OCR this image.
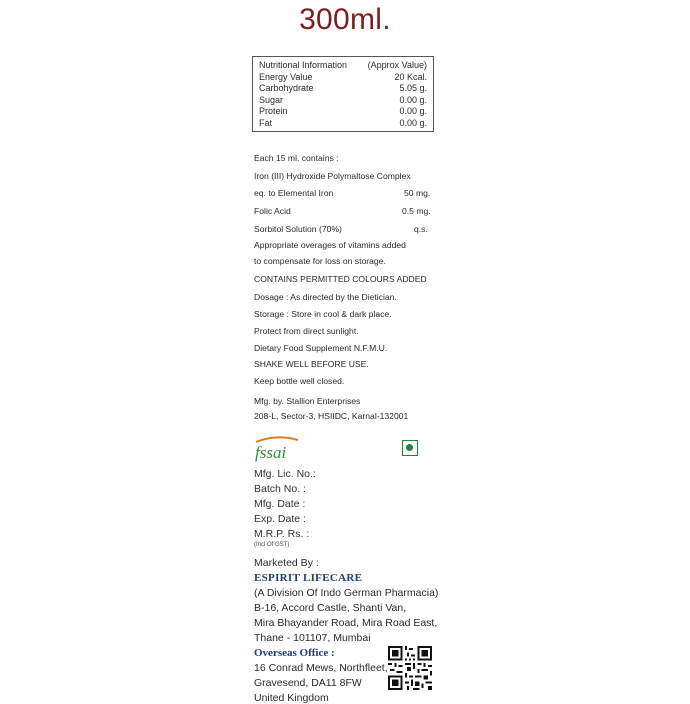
300ml.
Nutritional Information (Approx Value)
Energy Value	20 Kcal.
Carbohydrate	5.05 g.
Sugar	0.00 g.
Protein	0.00 g.
Fat	0.00 g.
Each 15 ml. contains :
Iron (III) Hydroxide Polymaltose Complex
eq. to Elemental Iron	50 mg.
Folic Acid	0.5 mg.
Sorbitol Solution (70%)	q.s.
Appropriate overages of vitamins added
to compensate for loss on storage.
CONTAINS PERMITTED COLOURS ADDED
Dosage : As directed by the Dietician.
Storage : Store in cool & dark place.
Protect from direct sunlight.
Dietary Food Supplement N.F.M.U.
SHAKE WELL BEFORE USE.
Keep bottle well closed.
Mfg. by. Stallion Enterprises
208-L, Sector-3, HSIIDC, Karnal-132001
fssai
Mfg. Lic. No.:
Batch No. :
Mfg. Date :
Exp. Date :
M.R.P. Rs. :
(Incl Of GST)
Marketed By :
ESPIRIT LIFECARE
(A Division Of Indo German Pharmacia)
B-16, Accord Castle, Shanti Van,
Mira Bhayander Road, Mira Road East,
Thane - 101107, Mumbai
Overseas Office :
16 Conrad Mews, Northfleet,
Gravesend, DA11 8FW
United Kingdom
